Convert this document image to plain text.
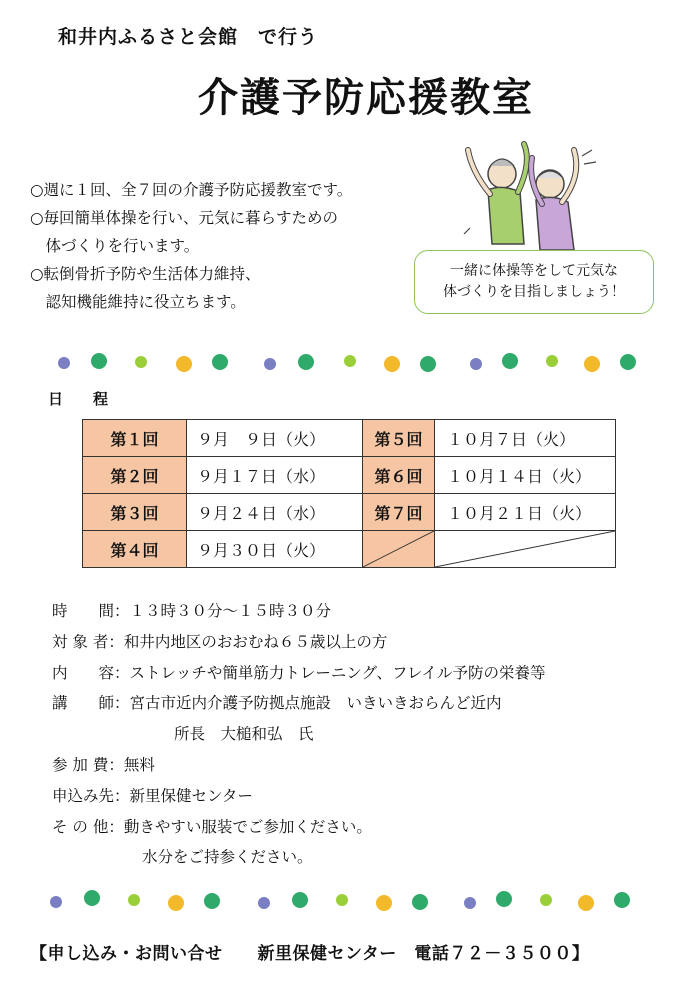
和井内ふるさと会館　で行う
介護予防応援教室
○週に１回、全７回の介護予防応援教室です。
○毎回簡単体操を行い、元気に暮らすための
　体づくりを行います。
○転倒骨折予防や生活体力維持、
　認知機能維持に役立ちます。
一緒に体操等をして元気な
体づくりを目指しましょう！
日　　程
第１回	９月　９日（火）	第５回	１０月７日（火）
第２回	９月１７日（水）	第６回	１０月１４日（火）
第３回	９月２４日（水）	第７回	１０月２１日（火）
第４回	９月３０日（火）	

時　　間 ： １３時３０分～１５時３０分
対 象 者 ： 和井内地区のおおむね６５歳以上の方
内　　容 ： ストレッチや簡単筋力トレーニング、フレイル予防の栄養等
講　　師 ： 宮古市近内介護予防拠点施設　いきいきおらんど近内
所長　大槌和弘　氏
参 加 費 ： 無料
申込み先 ： 新里保健センター
そ の 他 ： 動きやすい服装でご参加ください。
水分をご持参ください。
【申し込み・お問い合せ　　新里保健センター　電話７２－３５００】
